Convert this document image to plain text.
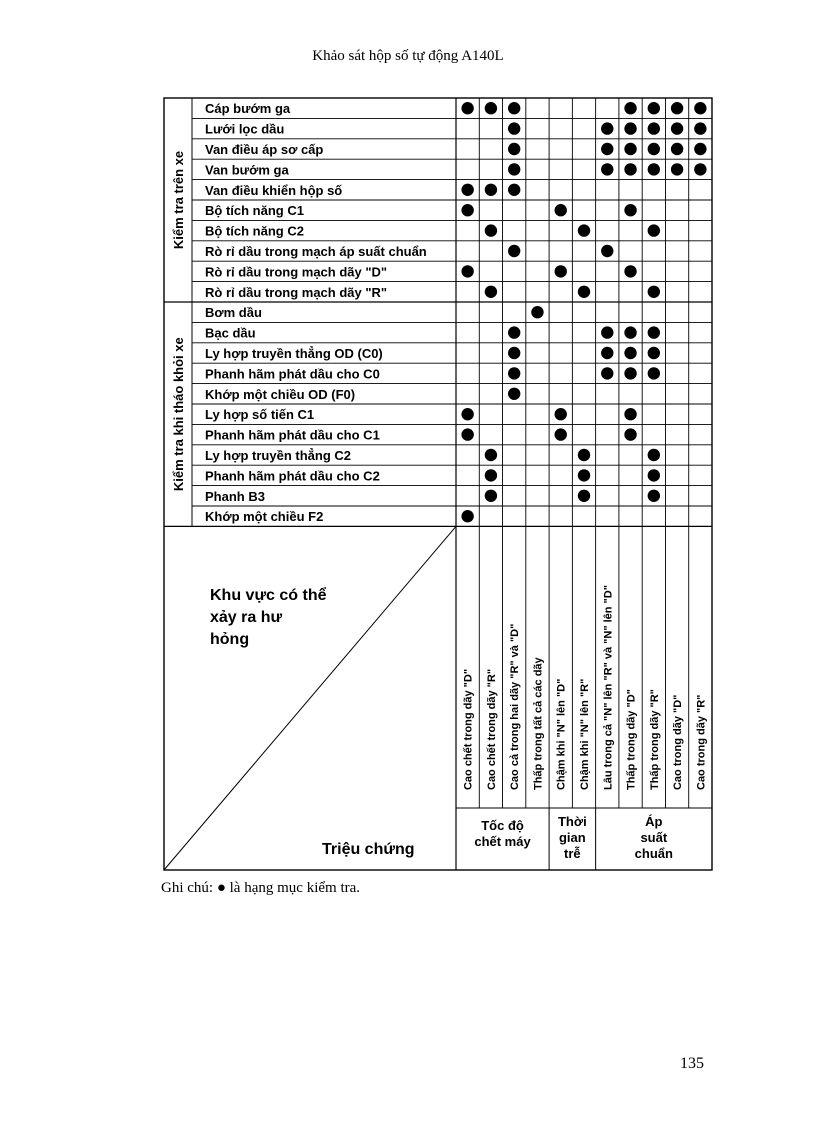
Khảo sát hộp số tự động A140L
Cáp bướm ga
Lưới lọc dầu
Van điều áp sơ cấp
Van bướm ga
Van điều khiển hộp số
Bộ tích năng C1
Bộ tích năng C2
Rò rỉ dầu trong mạch áp suất chuẩn
Rò rỉ dầu trong mạch dãy "D"
Rò rỉ dầu trong mạch dãy "R"
Bơm dầu
Bạc dầu
Ly hợp truyền thẳng OD (C0)
Phanh hãm phát dầu cho C0
Khớp một chiều OD (F0)
Ly hợp số tiến C1
Phanh hãm phát dầu cho C1
Ly hợp truyền thẳng C2
Phanh hãm phát dầu cho C2
Phanh B3
Khớp một chiều F2
Kiểm tra trên xe
Kiểm tra khi tháo khỏi xe
Cao chết trong dãy "D" Cao chết trong dãy "R" Cao cả trong hai dãy "R" và "D" Thấp trong tất cả các dãy Chậm khi "N" lên "D" Chậm khi "N" lên "R" Lâu trong cả "N" lên "R" và "N" lên "D" Thấp trong dãy "D" Thấp trong dãy "R" Cao trong dãy "D" Cao trong dãy "R"
Tốc độ
chết máy
Thời
gian
trễ
Áp
suất
chuẩn
Khu vực có thể
xảy ra hư
hỏng
Triệu chứng
Ghi chú: ● là hạng mục kiểm tra.
135
